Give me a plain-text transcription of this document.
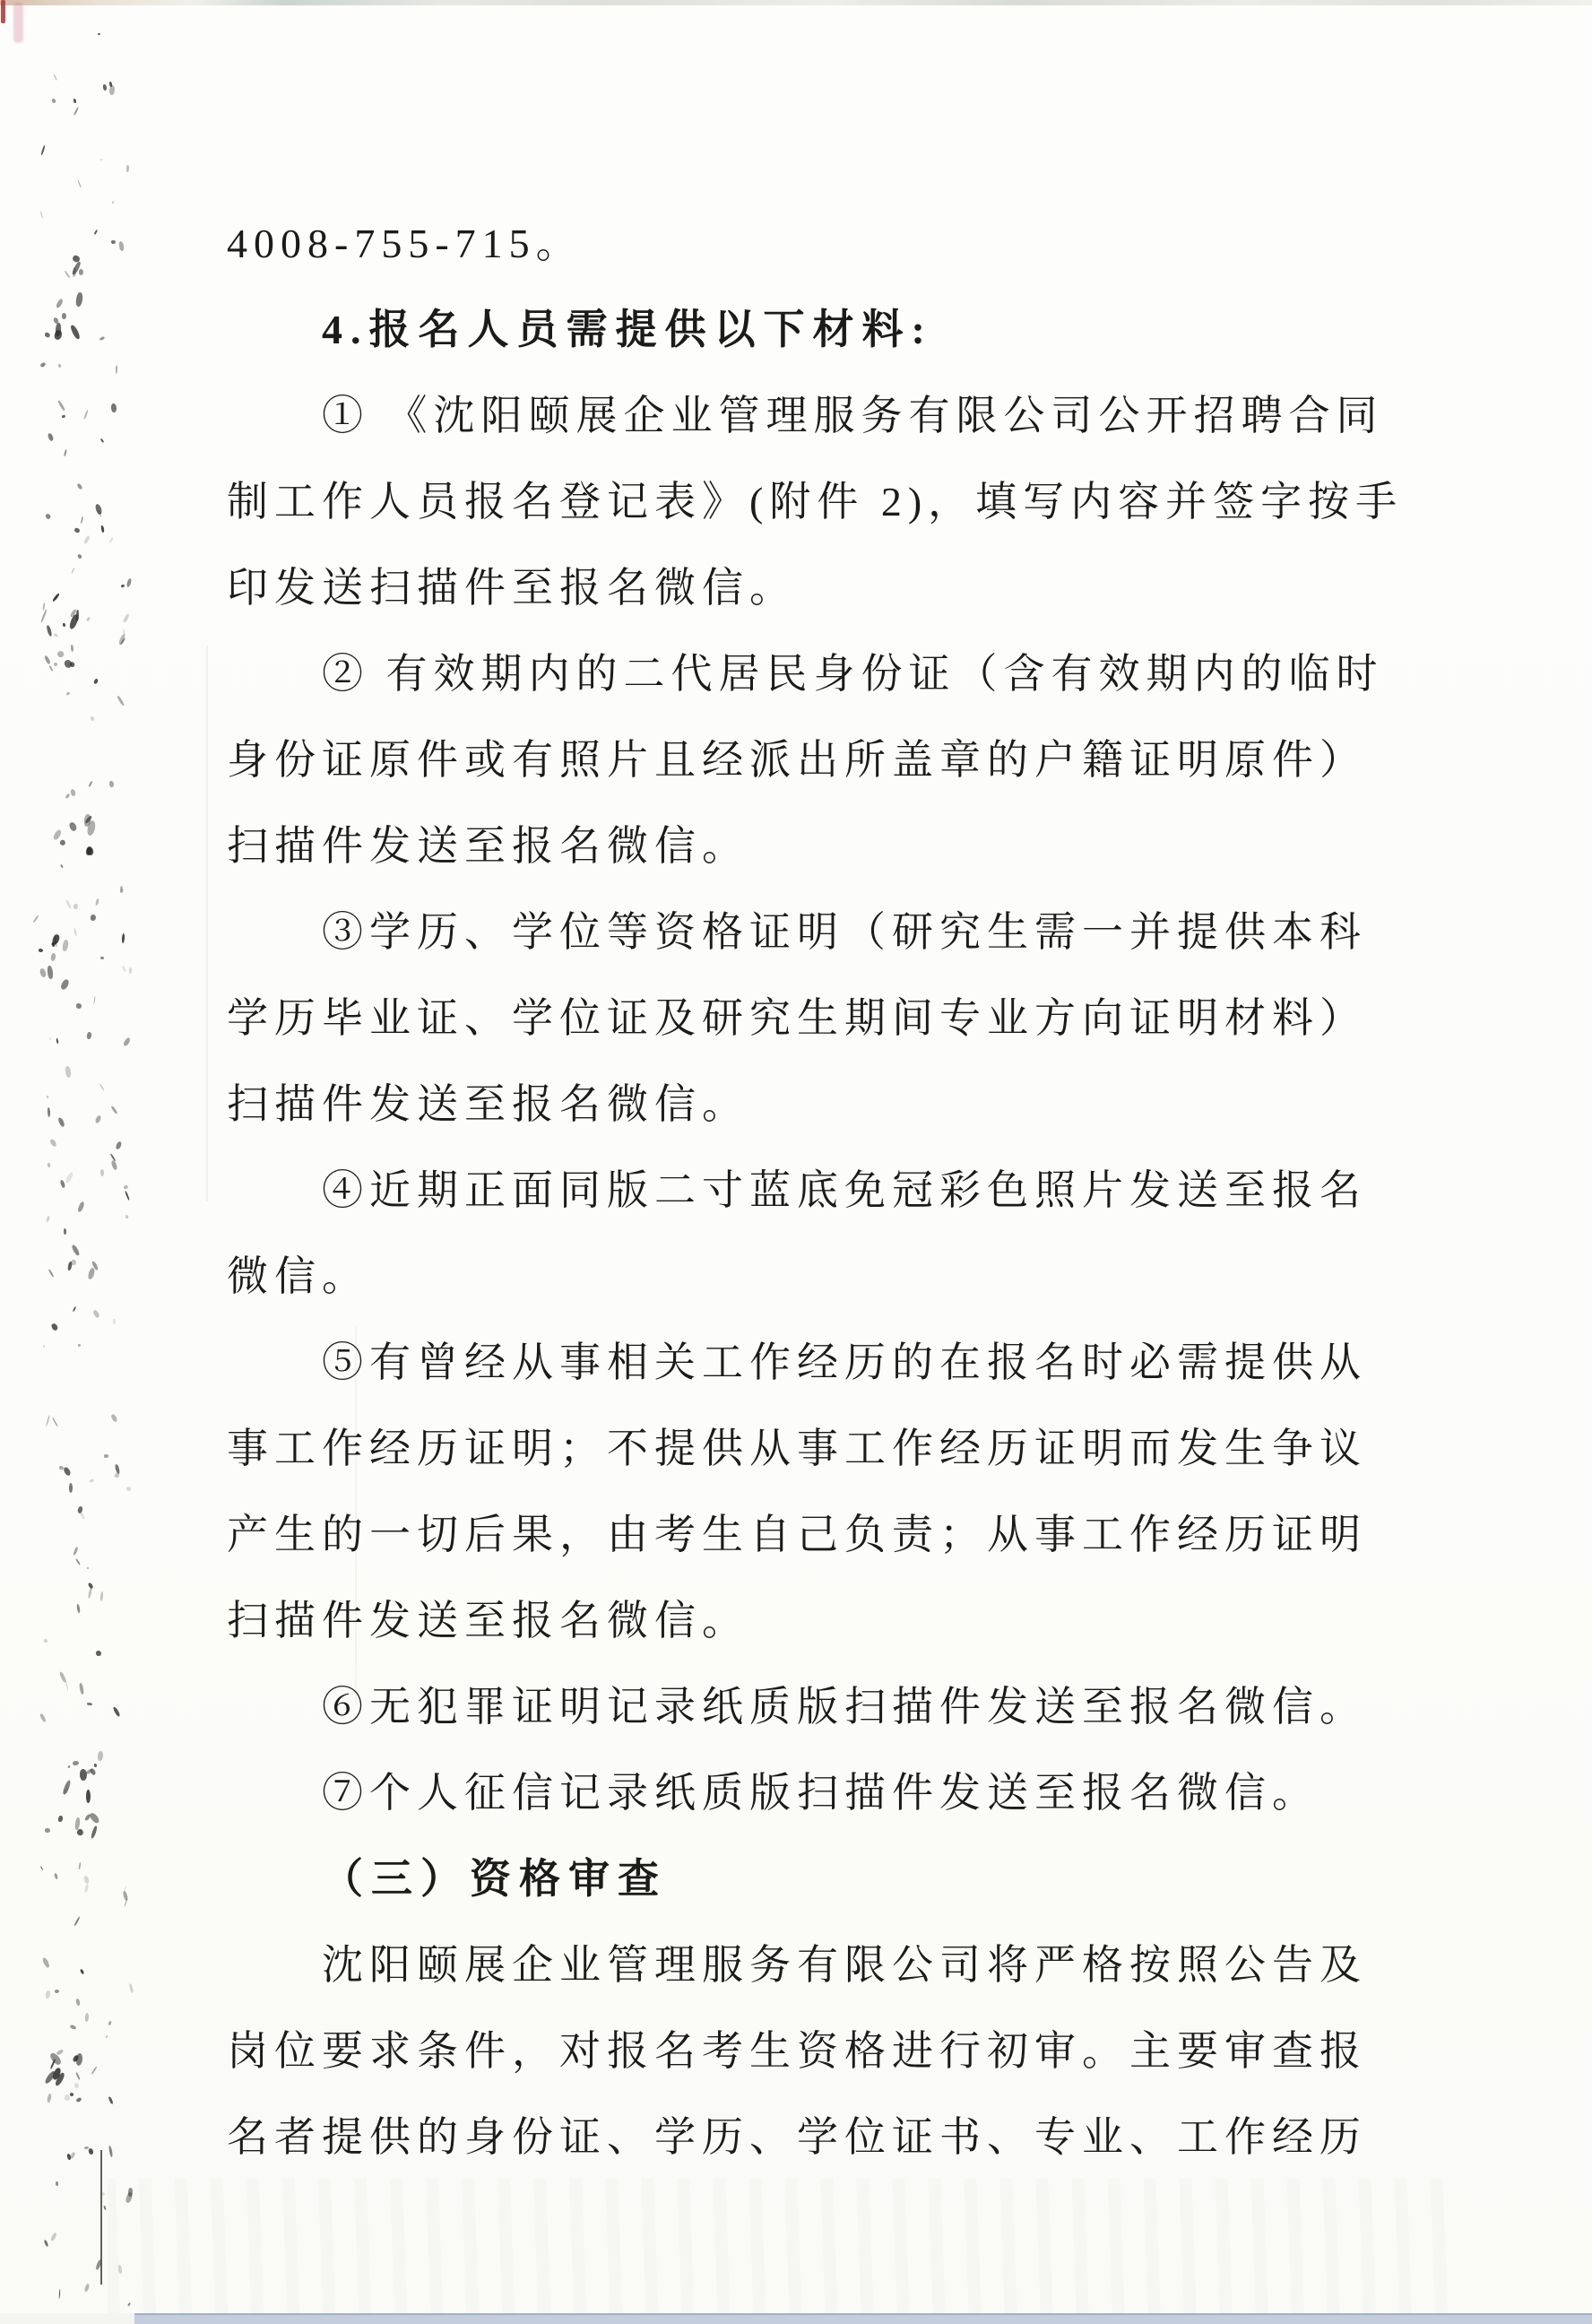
4008-755-715。
4.报名人员需提供以下材料:
① 《沈阳颐展企业管理服务有限公司公开招聘合同
制工作人员报名登记表》(附件 2)，填写内容并签字按手
印发送扫描件至报名微信。
② 有效期内的二代居民身份证（含有效期内的临时
身份证原件或有照片且经派出所盖章的户籍证明原件）
扫描件发送至报名微信。
③学历、学位等资格证明（研究生需一并提供本科
学历毕业证、学位证及研究生期间专业方向证明材料）
扫描件发送至报名微信。
④近期正面同版二寸蓝底免冠彩色照片发送至报名
微信。
⑤有曾经从事相关工作经历的在报名时必需提供从
事工作经历证明；不提供从事工作经历证明而发生争议
产生的一切后果，由考生自己负责；从事工作经历证明
扫描件发送至报名微信。
⑥无犯罪证明记录纸质版扫描件发送至报名微信。
⑦个人征信记录纸质版扫描件发送至报名微信。
（三）资格审查
沈阳颐展企业管理服务有限公司将严格按照公告及
岗位要求条件，对报名考生资格进行初审。主要审查报
名者提供的身份证、学历、学位证书、专业、工作经历
